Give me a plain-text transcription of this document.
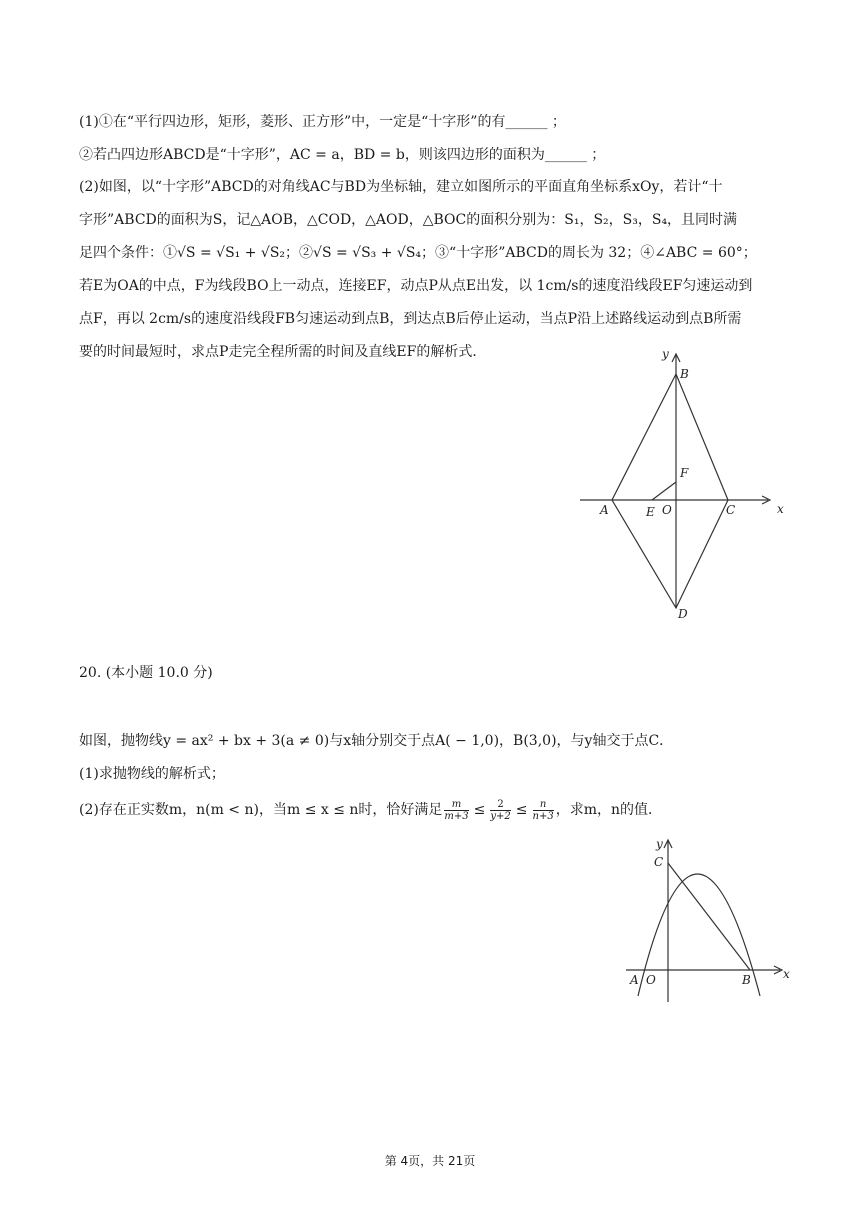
(1)①在“平行四边形，矩形，菱形、正方形”中，一定是“十字形”的有______ ；

②若凸四边形ABCD是“十字形”，AC = a，BD = b，则该四边形的面积为______ ；

(2)如图，以“十字形”ABCD的对角线AC与BD为坐标轴，建立如图所示的平面直角坐标系xOy，若计“十

字形”ABCD的面积为S，记△AOB，△COD，△AOD，△BOC的面积分别为：S₁，S₂，S₃，S₄，且同时满

足四个条件：①√S = √S₁ + √S₂；②√S = √S₃ + √S₄；③“十字形”ABCD的周长为 32；④∠ABC = 60°；

若E为OA的中点，F为线段BO上一动点，连接EF，动点P从点E出发，以 1cm/s的速度沿线段EF匀速运动到

点F，再以 2cm/s的速度沿线段FB匀速运动到点B，到达点B后停止运动，当点P沿上述路线运动到点B所需

要的时间最短时，求点P走完全程所需的时间及直线EF的解析式．	y
x
B
F
A	E O	C
D

20. (本小题 10.0 分)

如图，抛物线y = ax² + bx + 3(a ≠ 0)与x轴分别交于点A( − 1,0)，B(3,0)，与y轴交于点C．

(1)求抛物线的解析式；

(2)存在正实数m，n(m < n)，当m ≤ x ≤ n时，恰好满足 $\frac{m}{m+3} \le \frac{2}{y+2} \le \frac{n}{n+3}$ ，求m，n的值．
y
x
C
A O	B
第 4页，共 21页
